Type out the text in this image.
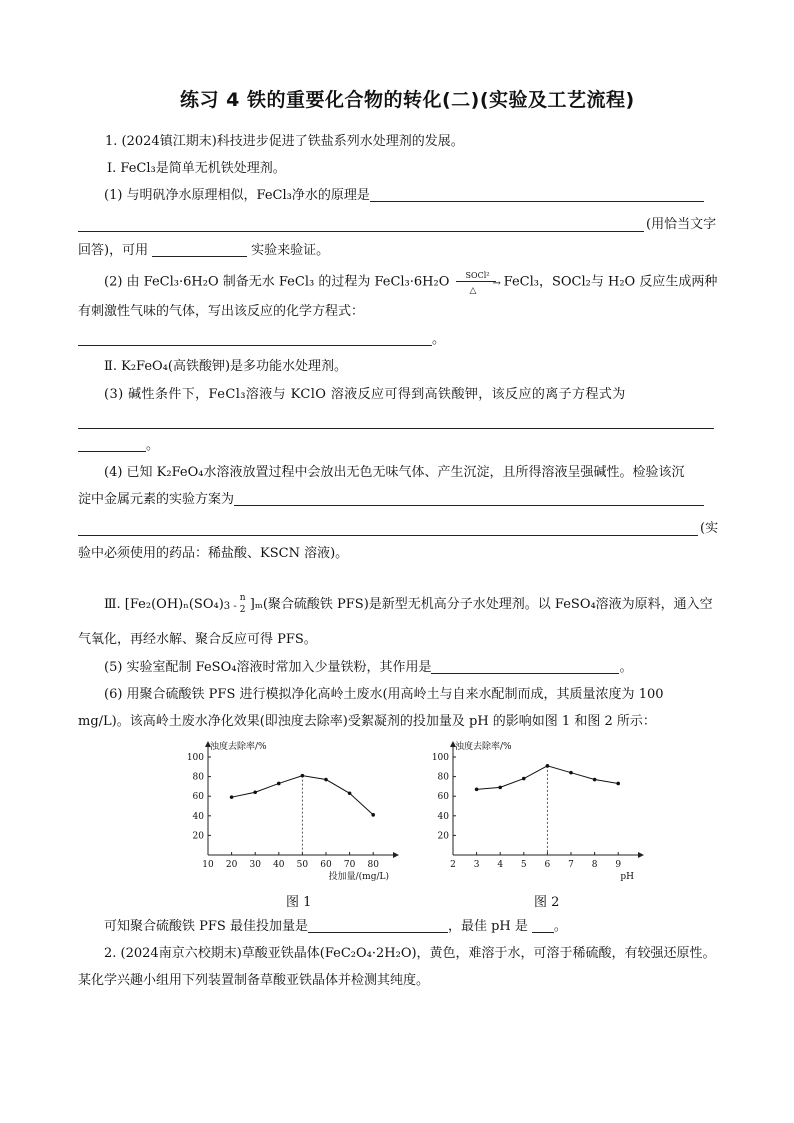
练习 4 铁的重要化合物的转化(二)(实验及工艺流程)
1. (2024镇江期末)科技进步促进了铁盐系列水处理剂的发展。
Ⅰ. FeCl₃是简单无机铁处理剂。
(1) 与明矾净水原理相似，FeCl₃净水的原理是
(用恰当文字
回答)，可用	实验来验证。
(2) 由 FeCl₃·6H₂O 制备无水 FeCl₃ 的过程为 FeCl₃·6H₂O SOCl²
→
△
FeCl₃，SOCl₂与 H₂O 反应生成两种
有刺激性气味的气体，写出该反应的化学方程式：
。
Ⅱ. K₂FeO₄(高铁酸钾)是多功能水处理剂。
(3) 碱性条件下，FeCl₃溶液与 KClO 溶液反应可得到高铁酸钾，该反应的离子方程式为
。
(4) 已知 K₂FeO₄水溶液放置过程中会放出无色无味气体、产生沉淀，且所得溶液呈强碱性。检验该沉
淀中金属元素的实验方案为
(实
验中必须使用的药品：稀盐酸、KSCN 溶液)。
Ⅲ. [Fe₂(OH)ₙ(SO₄) 3 -
n
2 ]ₘ(聚合硫酸铁 PFS)是新型无机高分子水处理剂。以 FeSO₄溶液为原料，通入空
气氧化，再经水解、聚合反应可得 PFS。
(5) 实验室配制 FeSO₄溶液时常加入少量铁粉，其作用是	。
(6) 用聚合硫酸铁 PFS 进行模拟净化高岭土废水(用高岭土与自来水配制而成，其质量浓度为 100
mg/L)。该高岭土废水净化效果(即浊度去除率)受絮凝剂的投加量及 pH 的影响如图 1 和图 2 所示：
浊度去除率/%
20
40
60
80
100
10 20 30 40 50 60 70 80
投加量/(mg/L)
图 1
浊度去除率/%
20
40
60
80
100
2 3 4 5 6 7 8 9
pH
图 2
可知聚合硫酸铁 PFS 最佳投加量是	，最佳 pH 是 。
2. (2024南京六校期末)草酸亚铁晶体(FeC₂O₄·2H₂O)，黄色，难溶于水，可溶于稀硫酸，有较强还原性。
某化学兴趣小组用下列装置制备草酸亚铁晶体并检测其纯度。
